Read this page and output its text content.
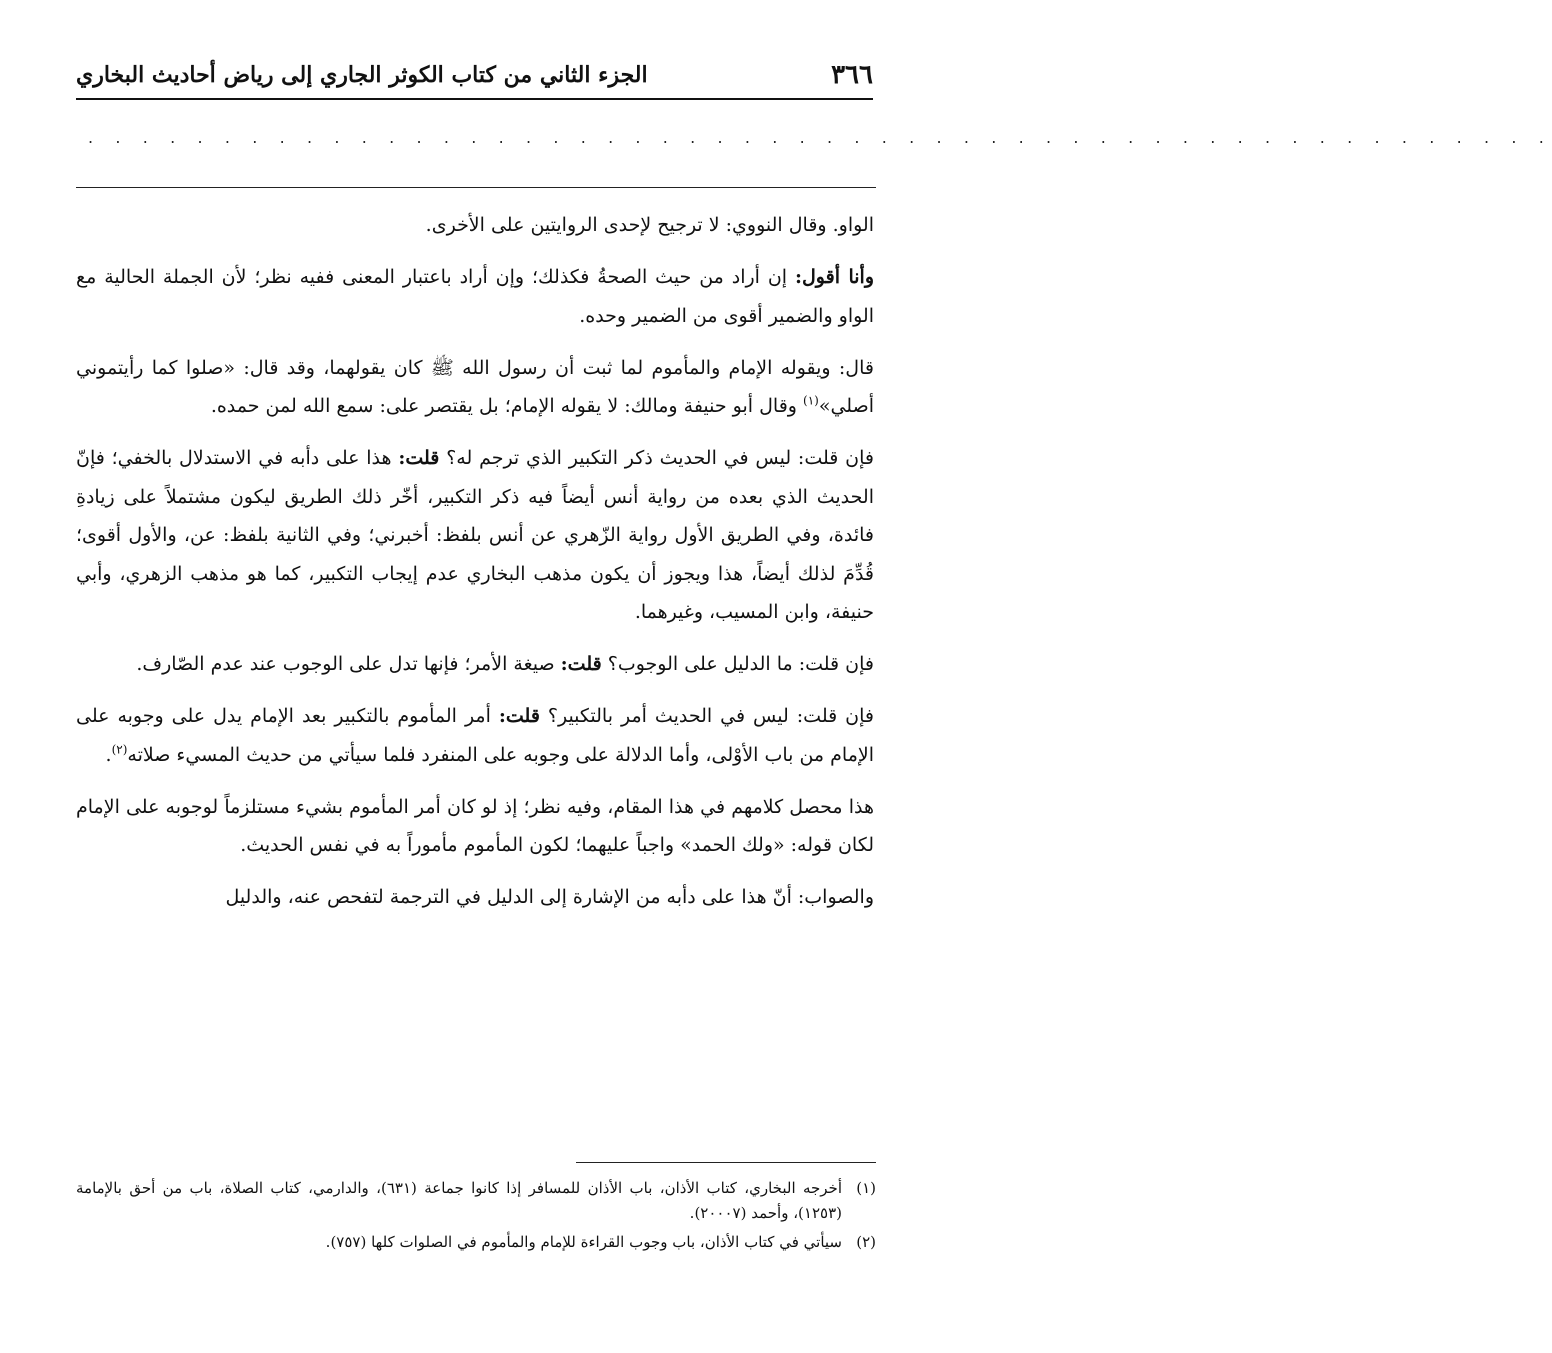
٣٦٦
الجزء الثاني من كتاب الكوثر الجاري إلى رياض أحاديث البخاري
. . . . . . . . . . . . . . . . . . . . . . . . . . . . . . . . . . . . . . . . . . . . . . . . . . . . . .

الواو. وقال النووي: لا ترجيح لإحدى الروايتين على الأخرى.

وأنا أقول: إن أراد من حيث الصحةُ فكذلك؛ وإن أراد باعتبار المعنى ففيه نظر؛ لأن الجملة الحالية مع الواو والضمير أقوى من الضمير وحده.

قال: ويقوله الإمام والمأموم لما ثبت أن رسول الله ﷺ كان يقولهما، وقد قال: «صلوا كما رأيتموني أصلي»$^{(١)}$ وقال أبو حنيفة ومالك: لا يقوله الإمام؛ بل يقتصر على: سمع الله لمن حمده.

فإن قلت: ليس في الحديث ذكر التكبير الذي ترجم له؟ قلت: هذا على دأبه في الاستدلال بالخفي؛ فإنّ الحديث الذي بعده من رواية أنس أيضاً فيه ذكر التكبير، أخّر ذلك الطريق ليكون مشتملاً على زيادةِ فائدة، وفي الطريق الأول رواية الزّهري عن أنس بلفظ: أخبرني؛ وفي الثانية بلفظ: عن، والأول أقوى؛ قُدِّمَ لذلك أيضاً، هذا ويجوز أن يكون مذهب البخاري عدم إيجاب التكبير، كما هو مذهب الزهري، وأبي حنيفة، وابن المسيب، وغيرهما.

فإن قلت: ما الدليل على الوجوب؟ قلت: صيغة الأمر؛ فإنها تدل على الوجوب عند عدم الصّارف.

فإن قلت: ليس في الحديث أمر بالتكبير؟ قلت: أمر المأموم بالتكبير بعد الإمام يدل على وجوبه على الإمام من باب الأوْلى، وأما الدلالة على وجوبه على المنفرد فلما سيأتي من حديث المسيء صلاته$^{(٢)}$.

هذا محصل كلامهم في هذا المقام، وفيه نظر؛ إذ لو كان أمر المأموم بشيء مستلزماً لوجوبه على الإمام لكان قوله: «ولك الحمد» واجباً عليهما؛ لكون المأموم مأموراً به في نفس الحديث.

والصواب: أنّ هذا على دأبه من الإشارة إلى الدليل في الترجمة لتفحص عنه، والدليل

(١)
أخرجه البخاري، كتاب الأذان، باب الأذان للمسافر إذا كانوا جماعة (٦٣١)، والدارمي، كتاب الصلاة، باب من أحق بالإمامة (١٢٥٣)، وأحمد (٢٠٠٠٧).
(٢)
سيأتي في كتاب الأذان، باب وجوب القراءة للإمام والمأموم في الصلوات كلها (٧٥٧).
